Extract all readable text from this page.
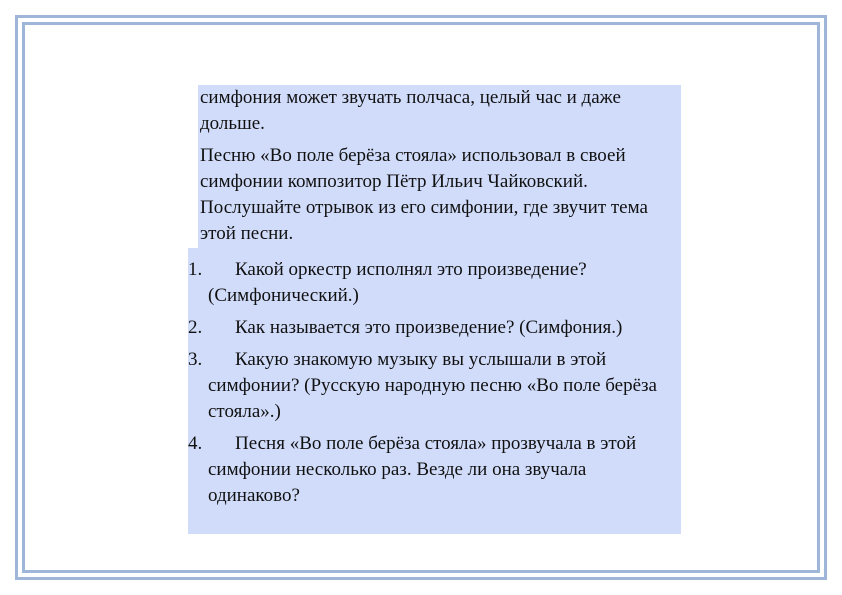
симфония может звучать полчаса, целый час и даже дольше.

Песню «Во поле берёза стояла» использовал в своей симфонии композитор Пётр Ильич Чайковский. Послушайте отрывок из его симфонии, где звучит тема этой песни.

1.	Какой оркестр исполнял это произведение? (Симфонический.)
2.	Как называется это произведение? (Симфония.)
3.	Какую знакомую музыку вы услышали в этой симфонии? (Русскую народную песню «Во поле берёза стояла».)
4.	Песня «Во поле берёза стояла» прозвучала в этой симфонии несколько раз. Везде ли она звучала одинаково?
